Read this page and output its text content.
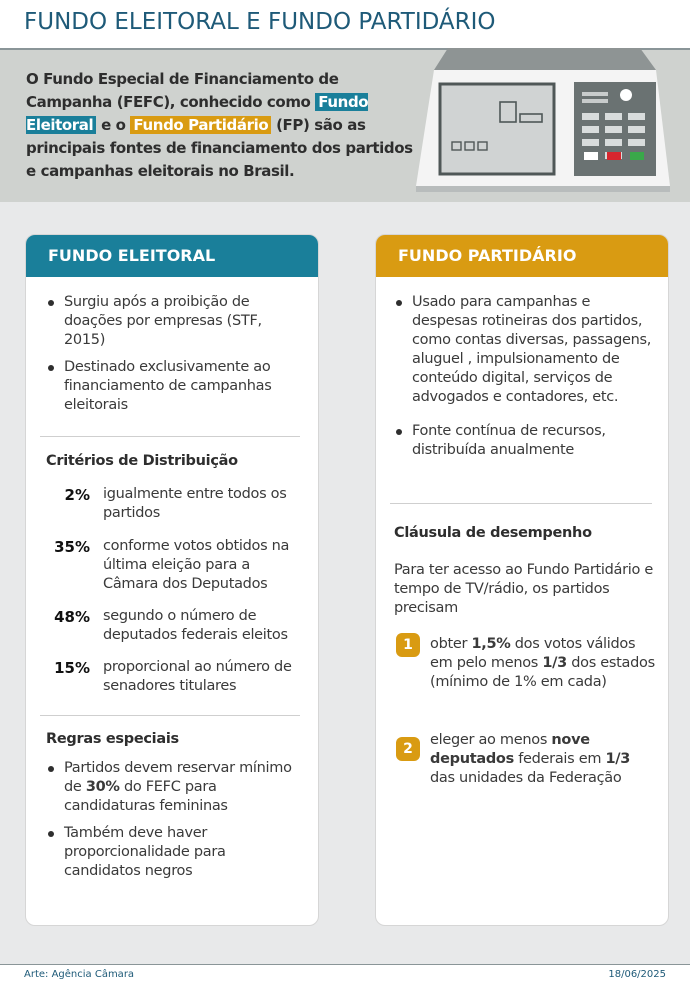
FUNDO ELEITORAL E FUNDO PARTIDÁRIO

O Fundo Especial de Financiamento de Campanha (FEFC), conhecido como Fundo Eleitoral e o Fundo Partidário (FP) são as principais fontes de financiamento dos partidos e campanhas eleitorais no Brasil.

FUNDO ELEITORAL
Surgiu após a proibição de doações por empresas (STF, 2015)
Destinado exclusivamente ao financiamento de campanhas eleitorais
Critérios de Distribuição
2% igualmente entre todos os partidos
35% conforme votos obtidos na última eleição para a Câmara dos Deputados
48% segundo o número de deputados federais eleitos
15% proporcional ao número de senadores titulares
Regras especiais
Partidos devem reservar mínimo de 30% do FEFC para candidaturas femininas
Também deve haver proporcionalidade para candidatos negros
FUNDO PARTIDÁRIO
Usado para campanhas e despesas rotineiras dos partidos, como contas diversas, passagens, aluguel , impulsionamento de conteúdo digital, serviços de advogados e contadores, etc.
Fonte contínua de recursos, distribuída anualmente
Cláusula de desempenho
Para ter acesso ao Fundo Partidário e tempo de TV/rádio, os partidos precisam
1	obter 1,5% dos votos válidos em pelo menos 1/3 dos estados (mínimo de 1% em cada)
2
eleger ao menos nove deputados federais em 1/3 das unidades da Federação
Arte: Agência Câmara	18/06/2025
